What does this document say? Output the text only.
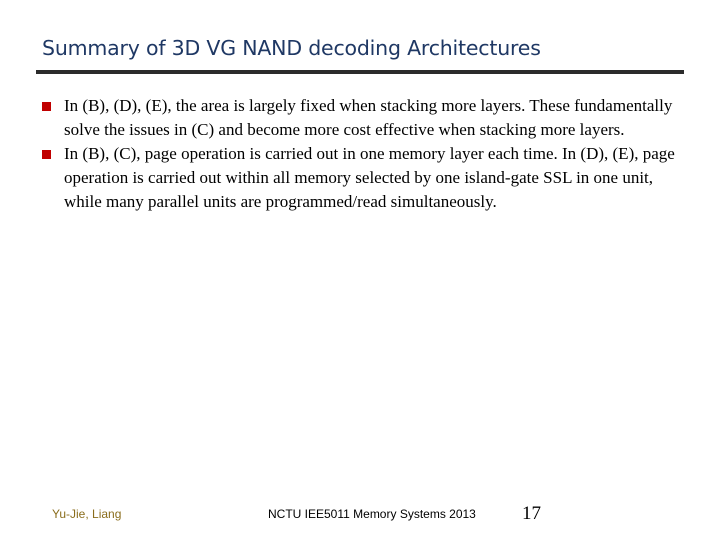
Summary of 3D VG NAND decoding Architectures
In (B), (D), (E), the area is largely fixed when stacking more layers. These fundamentally solve the issues in (C) and become more cost effective when stacking more layers.
In (B), (C), page operation is carried out in one memory layer each time. In (D), (E), page operation is carried out within all memory selected by one island-gate SSL in one unit, while many parallel units are programmed/read simultaneously.
Yu-Jie, Liang	NCTU IEE5011 Memory Systems 2013 17
